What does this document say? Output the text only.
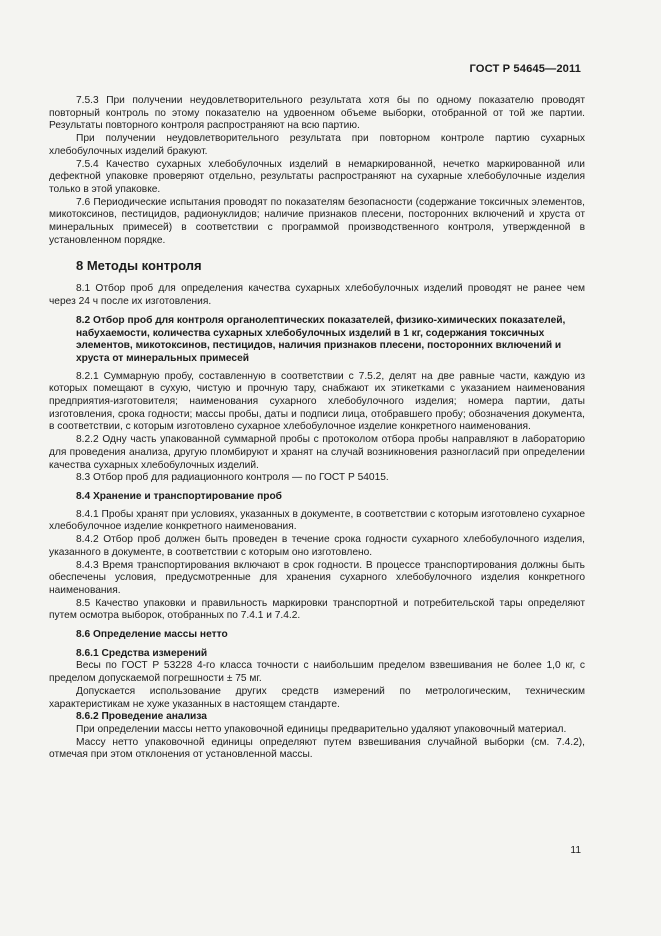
ГОСТ Р 54645—2011

7.5.3 При получении неудовлетворительного результата хотя бы по одному показателю проводят повторный контроль по этому показателю на удвоенном объеме выборки, отобранной от той же партии. Результаты повторного контроля распространяют на всю партию.

При получении неудовлетворительного результата при повторном контроле партию сухарных хлебобулочных изделий бракуют.

7.5.4 Качество сухарных хлебобулочных изделий в немаркированной, нечетко маркированной или дефектной упаковке проверяют отдельно, результаты распространяют на сухарные хлебобулочные изделия только в этой упаковке.

7.6 Периодические испытания проводят по показателям безопасности (содержание токсичных элементов, микотоксинов, пестицидов, радионуклидов; наличие признаков плесени, посторонних включений и хруста от минеральных примесей) в соответствии с программой производственного контроля, утвержденной в установленном порядке.

8 Методы контроля

8.1 Отбор проб для определения качества сухарных хлебобулочных изделий проводят не ранее чем через 24 ч после их изготовления.

8.2 Отбор проб для контроля органолептических показателей, физико-химических показателей, набухаемости, количества сухарных хлебобулочных изделий в 1 кг, содержания токсичных элементов, микотоксинов, пестицидов, наличия признаков плесени, посторонних включений и хруста от минеральных примесей

8.2.1 Суммарную пробу, составленную в соответствии с 7.5.2, делят на две равные части, каждую из которых помещают в сухую, чистую и прочную тару, снабжают их этикетками с указанием наименования предприятия-изготовителя; наименования сухарного хлебобулочного изделия; номера партии, даты изготовления, срока годности; массы пробы, даты и подписи лица, отобравшего пробу; обозначения документа, в соответствии, с которым изготовлено сухарное хлебобулочное изделие конкретного наименования.

8.2.2 Одну часть упакованной суммарной пробы с протоколом отбора пробы направляют в лабораторию для проведения анализа, другую пломбируют и хранят на случай возникновения разногласий при определении качества сухарных хлебобулочных изделий.

8.3 Отбор проб для радиационного контроля — по ГОСТ Р 54015.

8.4 Хранение и транспортирование проб

8.4.1 Пробы хранят при условиях, указанных в документе, в соответствии с которым изготовлено сухарное хлебобулочное изделие конкретного наименования.

8.4.2 Отбор проб должен быть проведен в течение срока годности сухарного хлебобулочного изделия, указанного в документе, в соответствии с которым оно изготовлено.

8.4.3 Время транспортирования включают в срок годности. В процессе транспортирования должны быть обеспечены условия, предусмотренные для хранения сухарного хлебобулочного изделия конкретного наименования.

8.5 Качество упаковки и правильность маркировки транспортной и потребительской тары определяют путем осмотра выборок, отобранных по 7.4.1 и 7.4.2.

8.6 Определение массы нетто

8.6.1 Средства измерений

Весы по ГОСТ Р 53228 4-го класса точности с наибольшим пределом взвешивания не более 1,0 кг, с пределом допускаемой погрешности ± 75 мг.

Допускается использование других средств измерений по метрологическим, техническим характеристикам не хуже указанных в настоящем стандарте.

8.6.2 Проведение анализа

При определении массы нетто упаковочной единицы предварительно удаляют упаковочный материал.

Массу нетто упаковочной единицы определяют путем взвешивания случайной выборки (см. 7.4.2), отмечая при этом отклонения от установленной массы.

11
